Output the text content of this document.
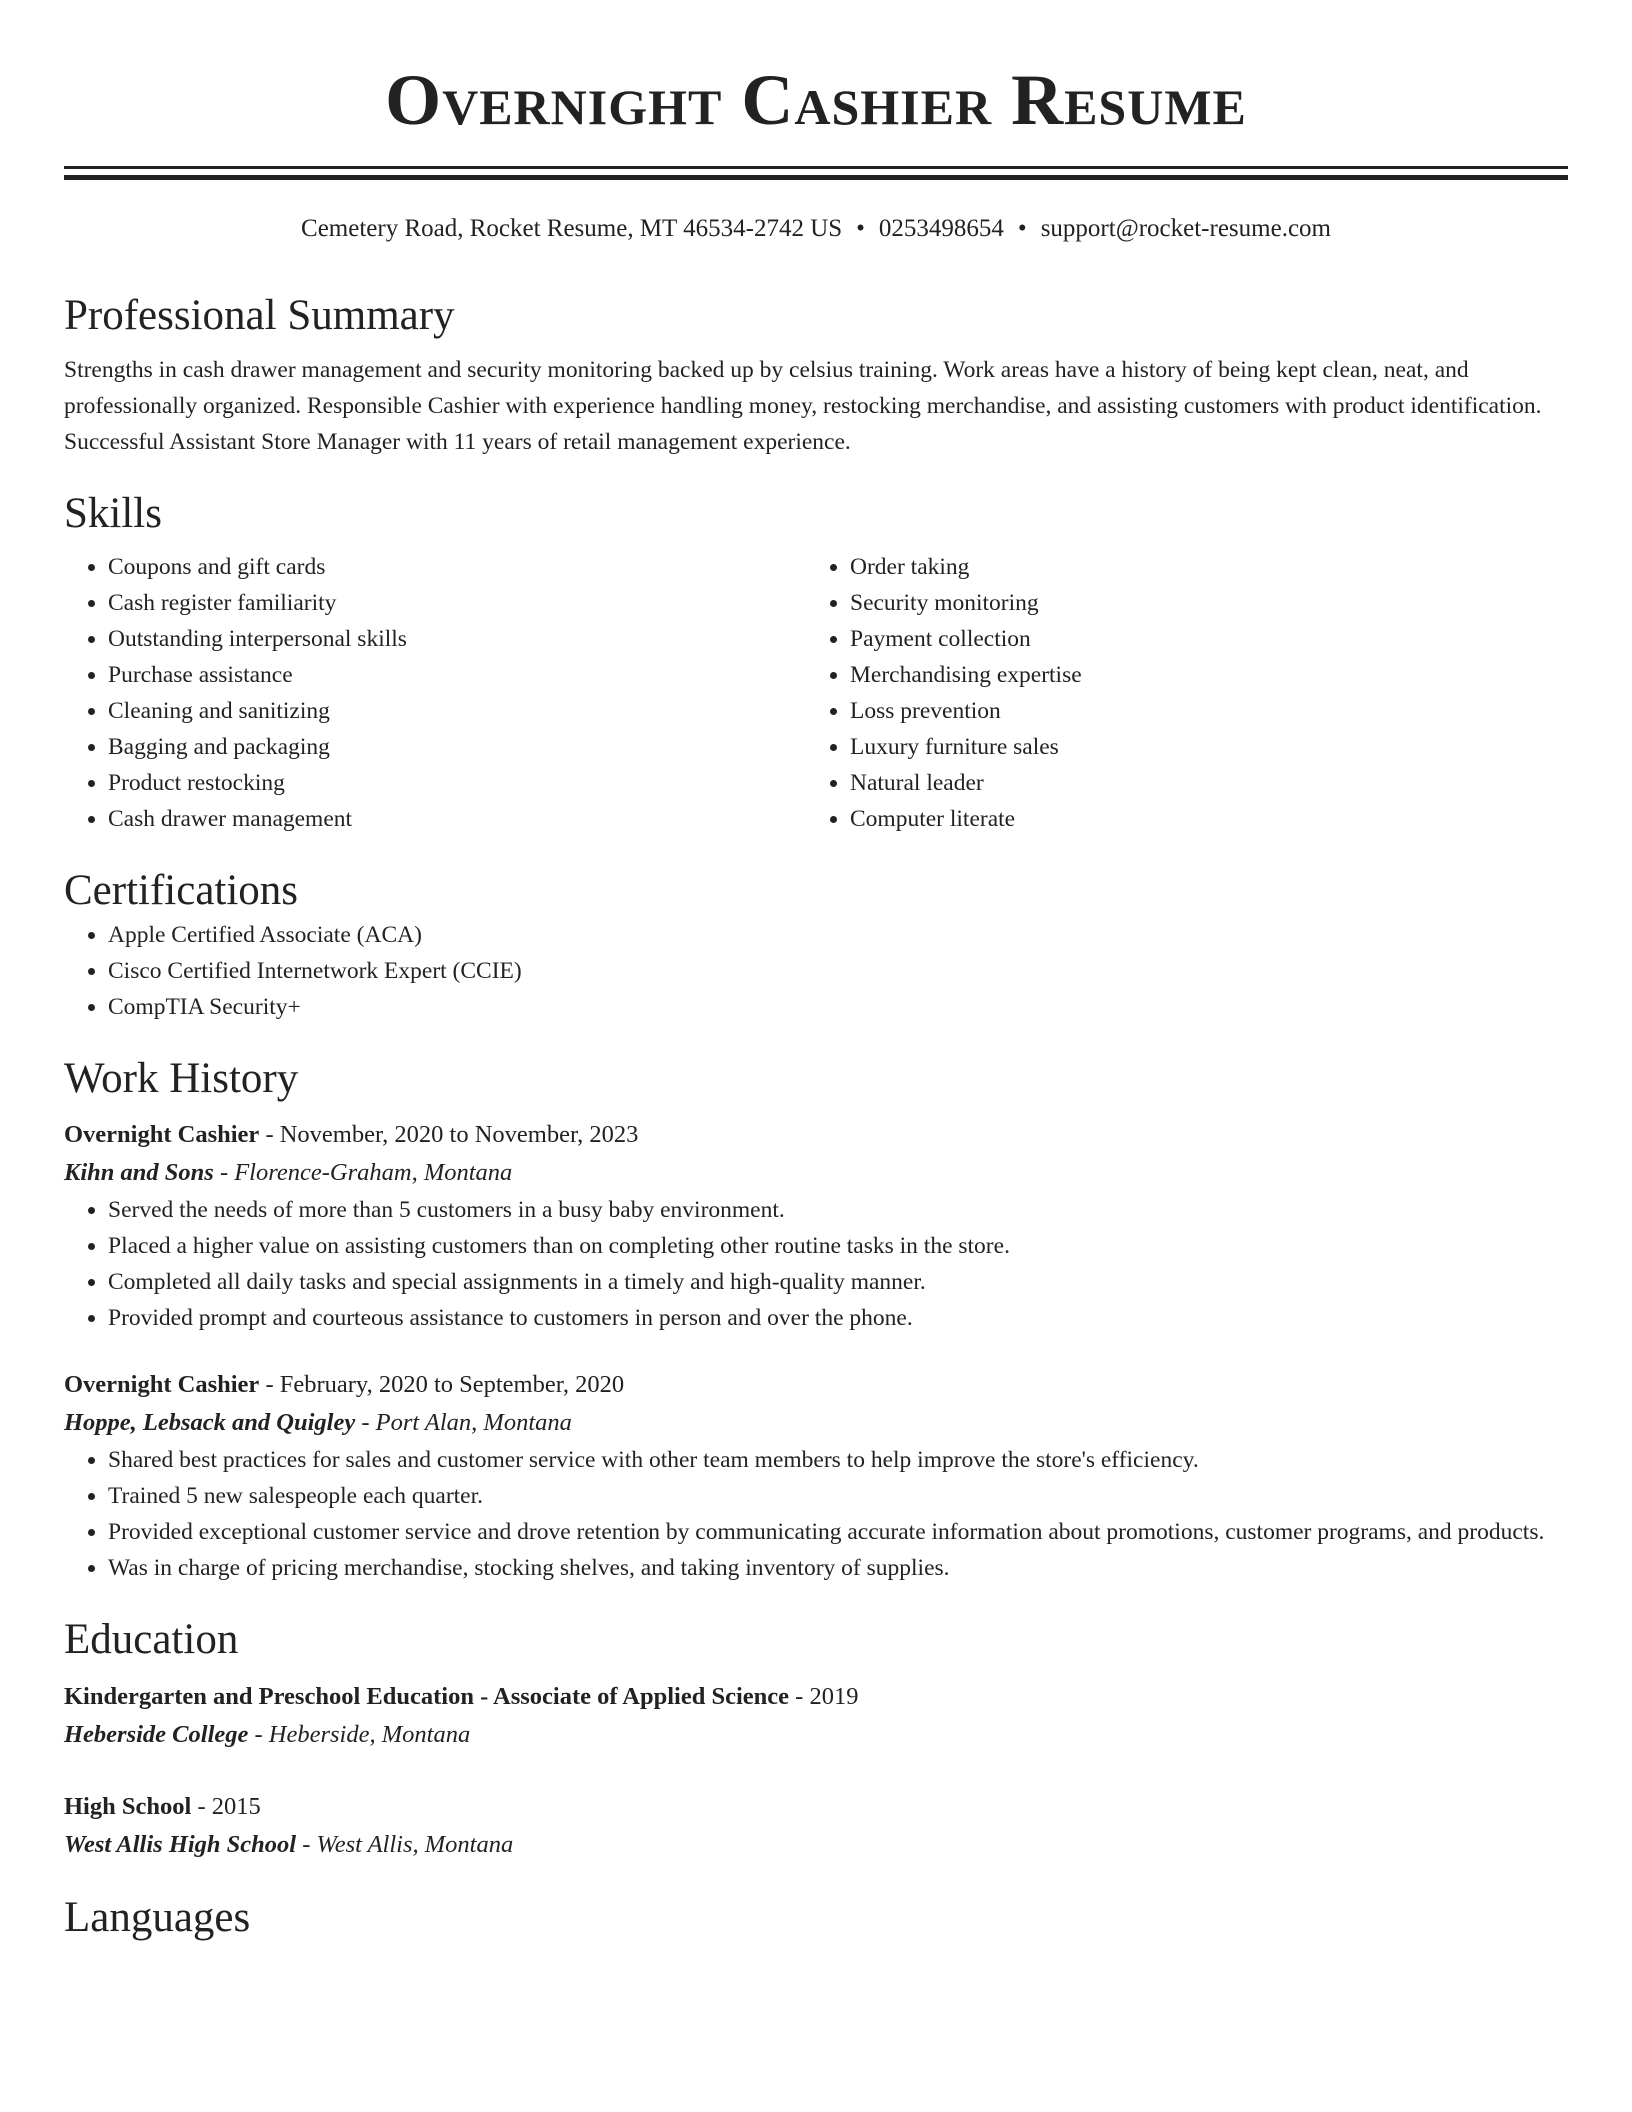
Overnight Cashier Resume
Cemetery Road, Rocket Resume, MT 46534-2742 US • 0253498654 • support@rocket-resume.com
Professional Summary

Strengths in cash drawer management and security monitoring backed up by celsius training. Work areas have a history of being kept clean, neat, and professionally organized. Responsible Cashier with experience handling money, restocking merchandise, and assisting customers with product identification. Successful Assistant Store Manager with 11 years of retail management experience.

Skills
• Coupons and gift cards
• Cash register familiarity
• Outstanding interpersonal skills
• Purchase assistance
• Cleaning and sanitizing
• Bagging and packaging
• Product restocking
• Cash drawer management
• Order taking
• Security monitoring
• Payment collection
• Merchandising expertise
• Loss prevention
• Luxury furniture sales
• Natural leader
• Computer literate
Certifications
• Apple Certified Associate (ACA)
• Cisco Certified Internetwork Expert (CCIE)
• CompTIA Security+
Work History
Overnight Cashier - November, 2020 to November, 2023
Kihn and Sons - Florence-Graham, Montana
• Served the needs of more than 5 customers in a busy baby environment.
• Placed a higher value on assisting customers than on completing other routine tasks in the store.
• Completed all daily tasks and special assignments in a timely and high-quality manner.
• Provided prompt and courteous assistance to customers in person and over the phone.
Overnight Cashier - February, 2020 to September, 2020
Hoppe, Lebsack and Quigley - Port Alan, Montana
• Shared best practices for sales and customer service with other team members to help improve the store's efficiency.
• Trained 5 new salespeople each quarter.
• Provided exceptional customer service and drove retention by communicating accurate information about promotions, customer programs, and products.
• Was in charge of pricing merchandise, stocking shelves, and taking inventory of supplies.
Education
Kindergarten and Preschool Education - Associate of Applied Science - 2019
Heberside College - Heberside, Montana
High School - 2015
West Allis High School - West Allis, Montana
Languages
